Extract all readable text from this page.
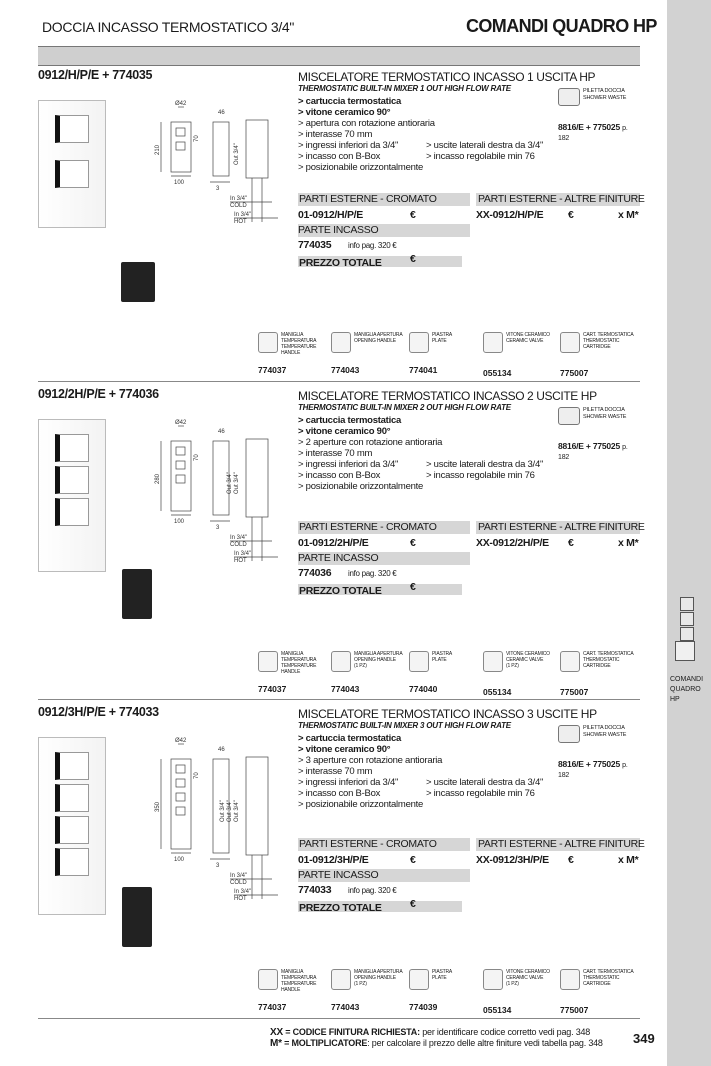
COMANDI
QUADRO
HP
DOCCIA INCASSO TERMOSTATICO 3/4"	COMANDI QUADRO HP
0912/H/P/E + 774035	MISCELATORE TERMOSTATICO INCASSO 1 USCITA HP
THERMOSTATIC BUILT-IN MIXER 1 OUT HIGH FLOW RATE
> cartuccia termostatica
> vitone ceramico 90°
> apertura con rotazione antioraria
> interasse 70 mm
> ingressi inferiori da 3/4"	> uscite laterali destra da 3/4"
> incasso con B-Box	> incasso regolabile min 76
> posizionabile orizzontalmente
PILETTA DOCCIA
SHOWER WASTE
8816/E + 775025 p. 182
PARTI ESTERNE - CROMATO	PARTI ESTERNE - ALTRE FINITURE
01-0912/H/P/E	€	XX-0912/H/P/E €	x M*
PARTE INCASSO
774035 info pag. 320 €
PREZZO TOTALE	€
MANIGLIA
TEMPERATURA
TEMPERATURE HANDLE
774037
MANIGLIA APERTURA
OPENING HANDLE
774043
PIASTRA
PLATE
774041
VITONE CERAMICO
CERAMIC VALVE
055134
CART. TERMOSTATICA
THERMOSTATIC
CARTRIDGE
775007
Ø42
46
210
70
100
3
Out 3/4"
In 3/4"
COLD
In 3/4"
HOT
0912/2H/P/E + 774036	MISCELATORE TERMOSTATICO INCASSO 2 USCITE HP
THERMOSTATIC BUILT-IN MIXER 2 OUT HIGH FLOW RATE
> cartuccia termostatica
> vitone ceramico 90°
> 2 aperture con rotazione antioraria
> interasse 70 mm
> ingressi inferiori da 3/4"	> uscite laterali destra da 3/4"
> incasso con B-Box	> incasso regolabile min 76
> posizionabile orizzontalmente
PILETTA DOCCIA
SHOWER WASTE
8816/E + 775025 p. 182
PARTI ESTERNE - CROMATO	PARTI ESTERNE - ALTRE FINITURE
01-0912/2H/P/E	€	XX-0912/2H/P/E €	x M*
PARTE INCASSO
774036 info pag. 320 €
PREZZO TOTALE	€
MANIGLIA
TEMPERATURA
TEMPERATURE HANDLE
774037
MANIGLIA APERTURA
OPENING HANDLE
(1 PZ)
774043
PIASTRA
PLATE
774040
VITONE CERAMICO
CERAMIC VALVE
(1 PZ)
055134
CART. TERMOSTATICA
THERMOSTATIC
CARTRIDGE
775007
Ø42
46
280
70
100
3
Out 3/4"
Out 3/4"
In 3/4"
COLD
In 3/4"
HOT
0912/3H/P/E + 774033	MISCELATORE TERMOSTATICO INCASSO 3 USCITE HP
THERMOSTATIC BUILT-IN MIXER 3 OUT HIGH FLOW RATE
> cartuccia termostatica
> vitone ceramico 90°
> 3 aperture con rotazione antioraria
> interasse 70 mm
> ingressi inferiori da 3/4"	> uscite laterali destra da 3/4"
> incasso con B-Box	> incasso regolabile min 76
> posizionabile orizzontalmente
PILETTA DOCCIA
SHOWER WASTE
8816/E + 775025 p. 182
PARTI ESTERNE - CROMATO	PARTI ESTERNE - ALTRE FINITURE
01-0912/3H/P/E	€	XX-0912/3H/P/E €	x M*
PARTE INCASSO
774033 info pag. 320 €
PREZZO TOTALE	€
MANIGLIA
TEMPERATURA
TEMPERATURE HANDLE
774037
MANIGLIA APERTURA
OPENING HANDLE
(1 PZ)
774043
PIASTRA
PLATE
774039
VITONE CERAMICO
CERAMIC VALVE
(1 PZ)
055134
CART. TERMOSTATICA
THERMOSTATIC
CARTRIDGE
775007
Ø42
46
350
70
100
3
Out 3/4"
Out 3/4"
Out 3/4"
In 3/4"
COLD
In 3/4"
HOT
XX = CODICE FINITURA RICHIESTA: per identificare codice corretto vedi pag. 348
M* = MOLTIPLICATORE: per calcolare il prezzo delle altre finiture vedi tabella pag. 348 349
